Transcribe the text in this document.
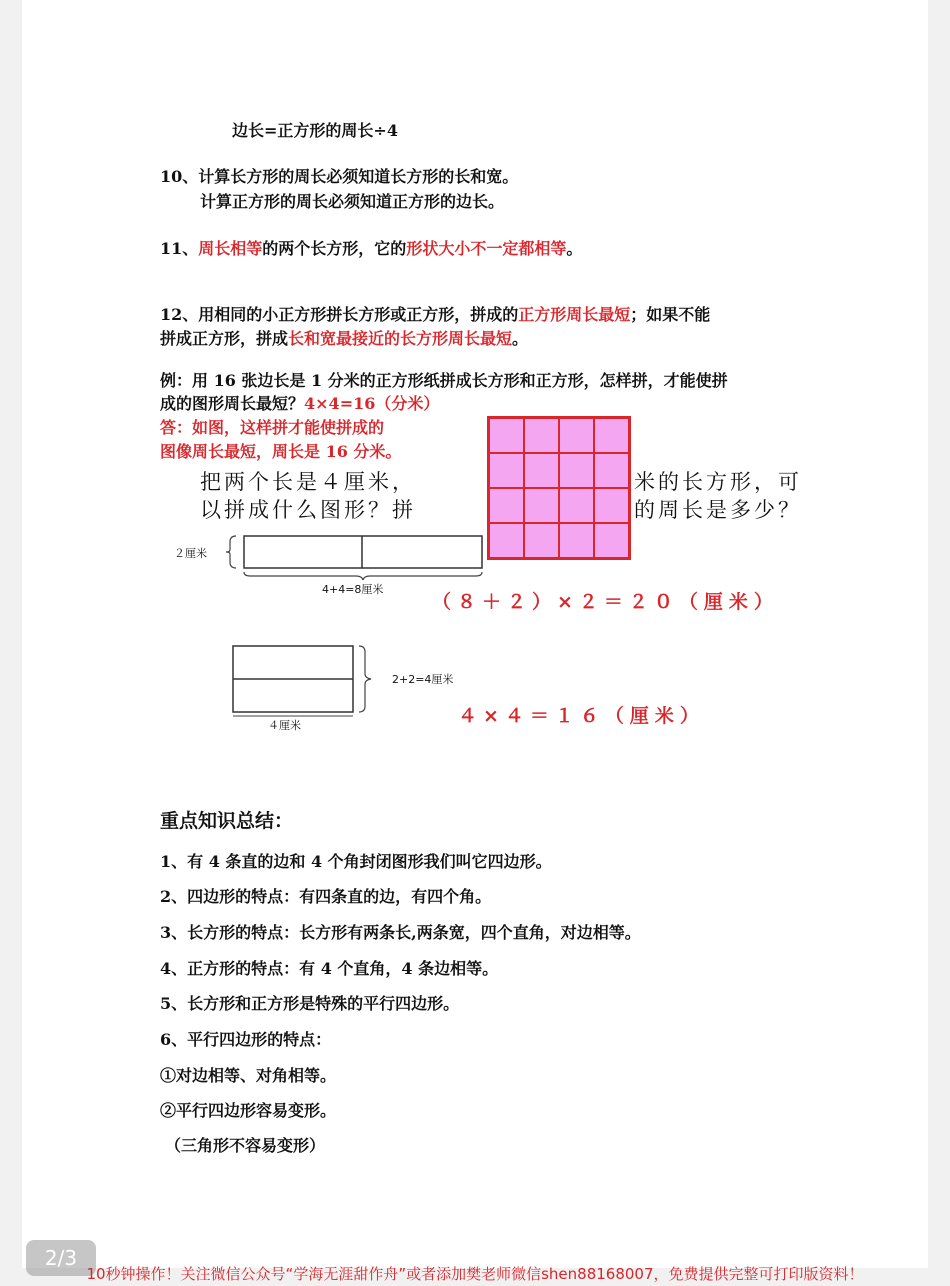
边长=正方形的周长÷4
10、计算长方形的周长必须知道长方形的长和宽。
计算正方形的周长必须知道正方形的边长。
11、周长相等的两个长方形，它的形状大小不一定都相等。
12、用相同的小正方形拼长方形或正方形，拼成的正方形周长最短；如果不能
拼成正方形，拼成长和宽最接近的长方形周长最短。
例：用 16 张边长是 1 分米的正方形纸拼成长方形和正方形，怎样拼，才能使拼
成的图形周长最短？4×4=16（分米）
答：如图，这样拼才能使拼成的
图像周长最短，周长是 16 分米。
把两个长是４厘米，	米的长方形，可
以拼成什么图形？拼	的周长是多少？
２厘米
4+4=8厘米
（８＋２）×２＝２０（厘米）
2+2=4厘米
４厘米	４×４＝１６（厘米）
重点知识总结：
1、有 4 条直的边和 4 个角封闭图形我们叫它四边形。
2、四边形的特点：有四条直的边，有四个角。
3、长方形的特点：长方形有两条长,两条宽，四个直角，对边相等。
4、正方形的特点：有 4 个直角，4 条边相等。
5、长方形和正方形是特殊的平行四边形。
6、平行四边形的特点：
①对边相等、对角相等。
②平行四边形容易变形。
（三角形不容易变形）
2/3
10秒钟操作！关注微信公众号“学海无涯甜作舟”或者添加樊老师微信shen88168007，免费提供完整可打印版资料！
